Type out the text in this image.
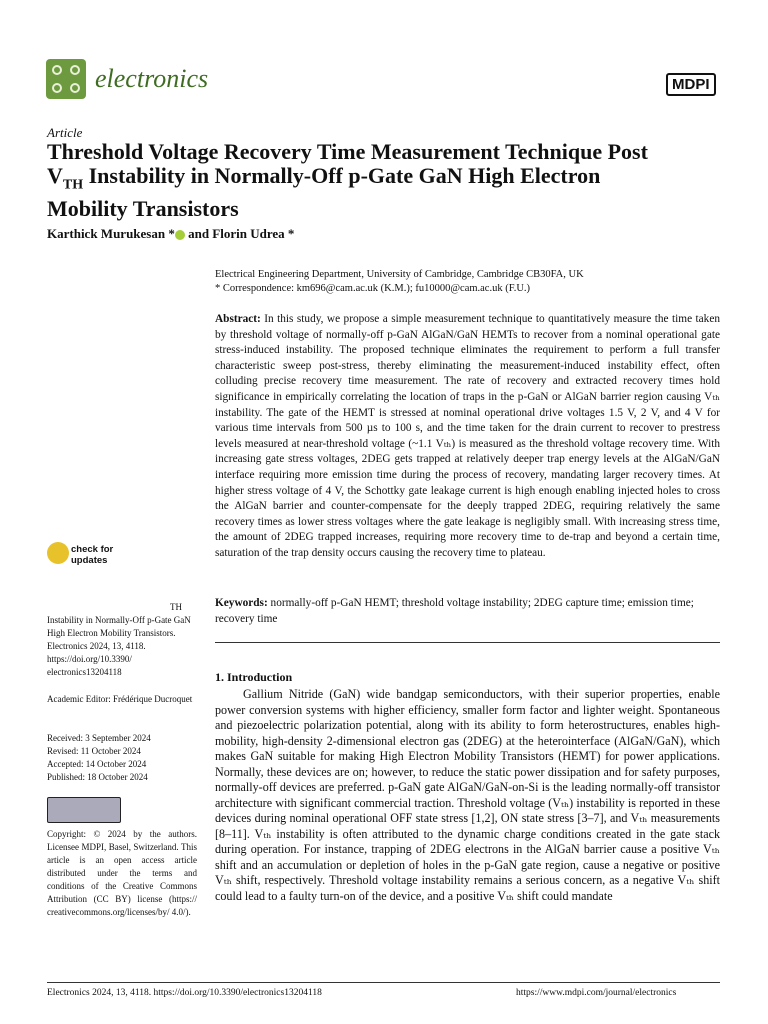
electronics	MDPI
Article
Threshold Voltage Recovery Time Measurement Technique Post
$V_{TH}$ Instability in Normally-Off p-Gate GaN High Electron
Mobility Transistors
Karthick Murukesan * and Florin Udrea *
Electrical Engineering Department, University of Cambridge, Cambridge CB30FA, UK
* Correspondence: km696@cam.ac.uk (K.M.); fu10000@cam.ac.uk (F.U.)
Abstract: In this study, we propose a simple measurement technique to quantitatively measure the time taken by threshold voltage of normally-off p-GaN AlGaN/GaN HEMTs to recover from a nominal operational gate stress-induced instability. The proposed technique eliminates the requirement to perform a full transfer characteristic sweep post-stress, thereby eliminating the measurement-induced instability effect, often colluding precise recovery time measurement. The rate of recovery and extracted recovery times hold significance in empirically correlating the location of traps in the p-GaN or AlGaN barrier region causing Vₜₕ instability. The gate of the HEMT is stressed at nominal operational drive voltages 1.5 V, 2 V, and 4 V for various time intervals from 500 µs to 100 s, and the time taken for the drain current to recover to prestress levels measured at near-threshold voltage (~1.1 Vₜₕ) is measured as the threshold voltage recovery time. With increasing gate stress voltages, 2DEG gets trapped at relatively deeper trap energy levels at the AlGaN/GaN interface requiring more emission time during the process of recovery, mandating larger recovery times. At higher stress voltage of 4 V, the Schottky gate leakage current is high enough enabling injected holes to cross the AlGaN barrier and counter-compensate for the deeply trapped 2DEG, requiring relatively the same recovery times as lower stress voltages where the gate leakage is negligibly small. With increasing stress time, the amount of 2DEG trapped increases, requiring more recovery time to de-trap and beyond a certain time, saturation of the trap density occurs causing the recovery time to plateau.
Keywords: normally-off p-GaN HEMT; threshold voltage instability; 2DEG capture time; emission time; recovery time
1. Introduction
Gallium Nitride (GaN) wide bandgap semiconductors, with their superior properties, enable power conversion systems with higher efficiency, smaller form factor and lighter weight. Spontaneous and piezoelectric polarization potential, along with its ability to form heterostructures, enables high-mobility, high-density 2-dimensional electron gas (2DEG) at the heterointerface (AlGaN/GaN), which makes GaN suitable for making High Electron Mobility Transistors (HEMT) for power applications. Normally, these devices are on; however, to reduce the static power dissipation and for safety purposes, normally-off devices are preferred. p-GaN gate AlGaN/GaN-on-Si is the leading normally-off transistor architecture with significant commercial traction. Threshold voltage (Vₜₕ) instability is reported in these devices during nominal operational OFF state stress [1,2], ON state stress [3–7], and Vₜₕ measurements [8–11]. Vₜₕ instability is often attributed to the dynamic charge conditions created in the gate stack during operation. For instance, trapping of 2DEG electrons in the AlGaN barrier cause a positive Vₜₕ shift and an accumulation or depletion of holes in the p-GaN gate region, cause a negative or positive Vₜₕ shift, respectively. Threshold voltage instability remains a serious concern, as a negative Vₜₕ shift could lead to a faulty turn-on of the device, and a positive Vₜₕ shift could mandate
check for
updates
TH
Instability in Normally-Off p-Gate GaN High Electron Mobility Transistors. Electronics 2024, 13, 4118. https://doi.org/10.3390/ electronics13204118
Academic Editor: Frédérique Ducroquet
Received: 3 September 2024
Revised: 11 October 2024
Accepted: 14 October 2024
Published: 18 October 2024
Copyright: © 2024 by the authors. Licensee MDPI, Basel, Switzerland. This article is an open access article distributed under the terms and conditions of the Creative Commons Attribution (CC BY) license (https:// creativecommons.org/licenses/by/ 4.0/).
Electronics 2024, 13, 4118. https://doi.org/10.3390/electronics13204118	https://www.mdpi.com/journal/electronics
